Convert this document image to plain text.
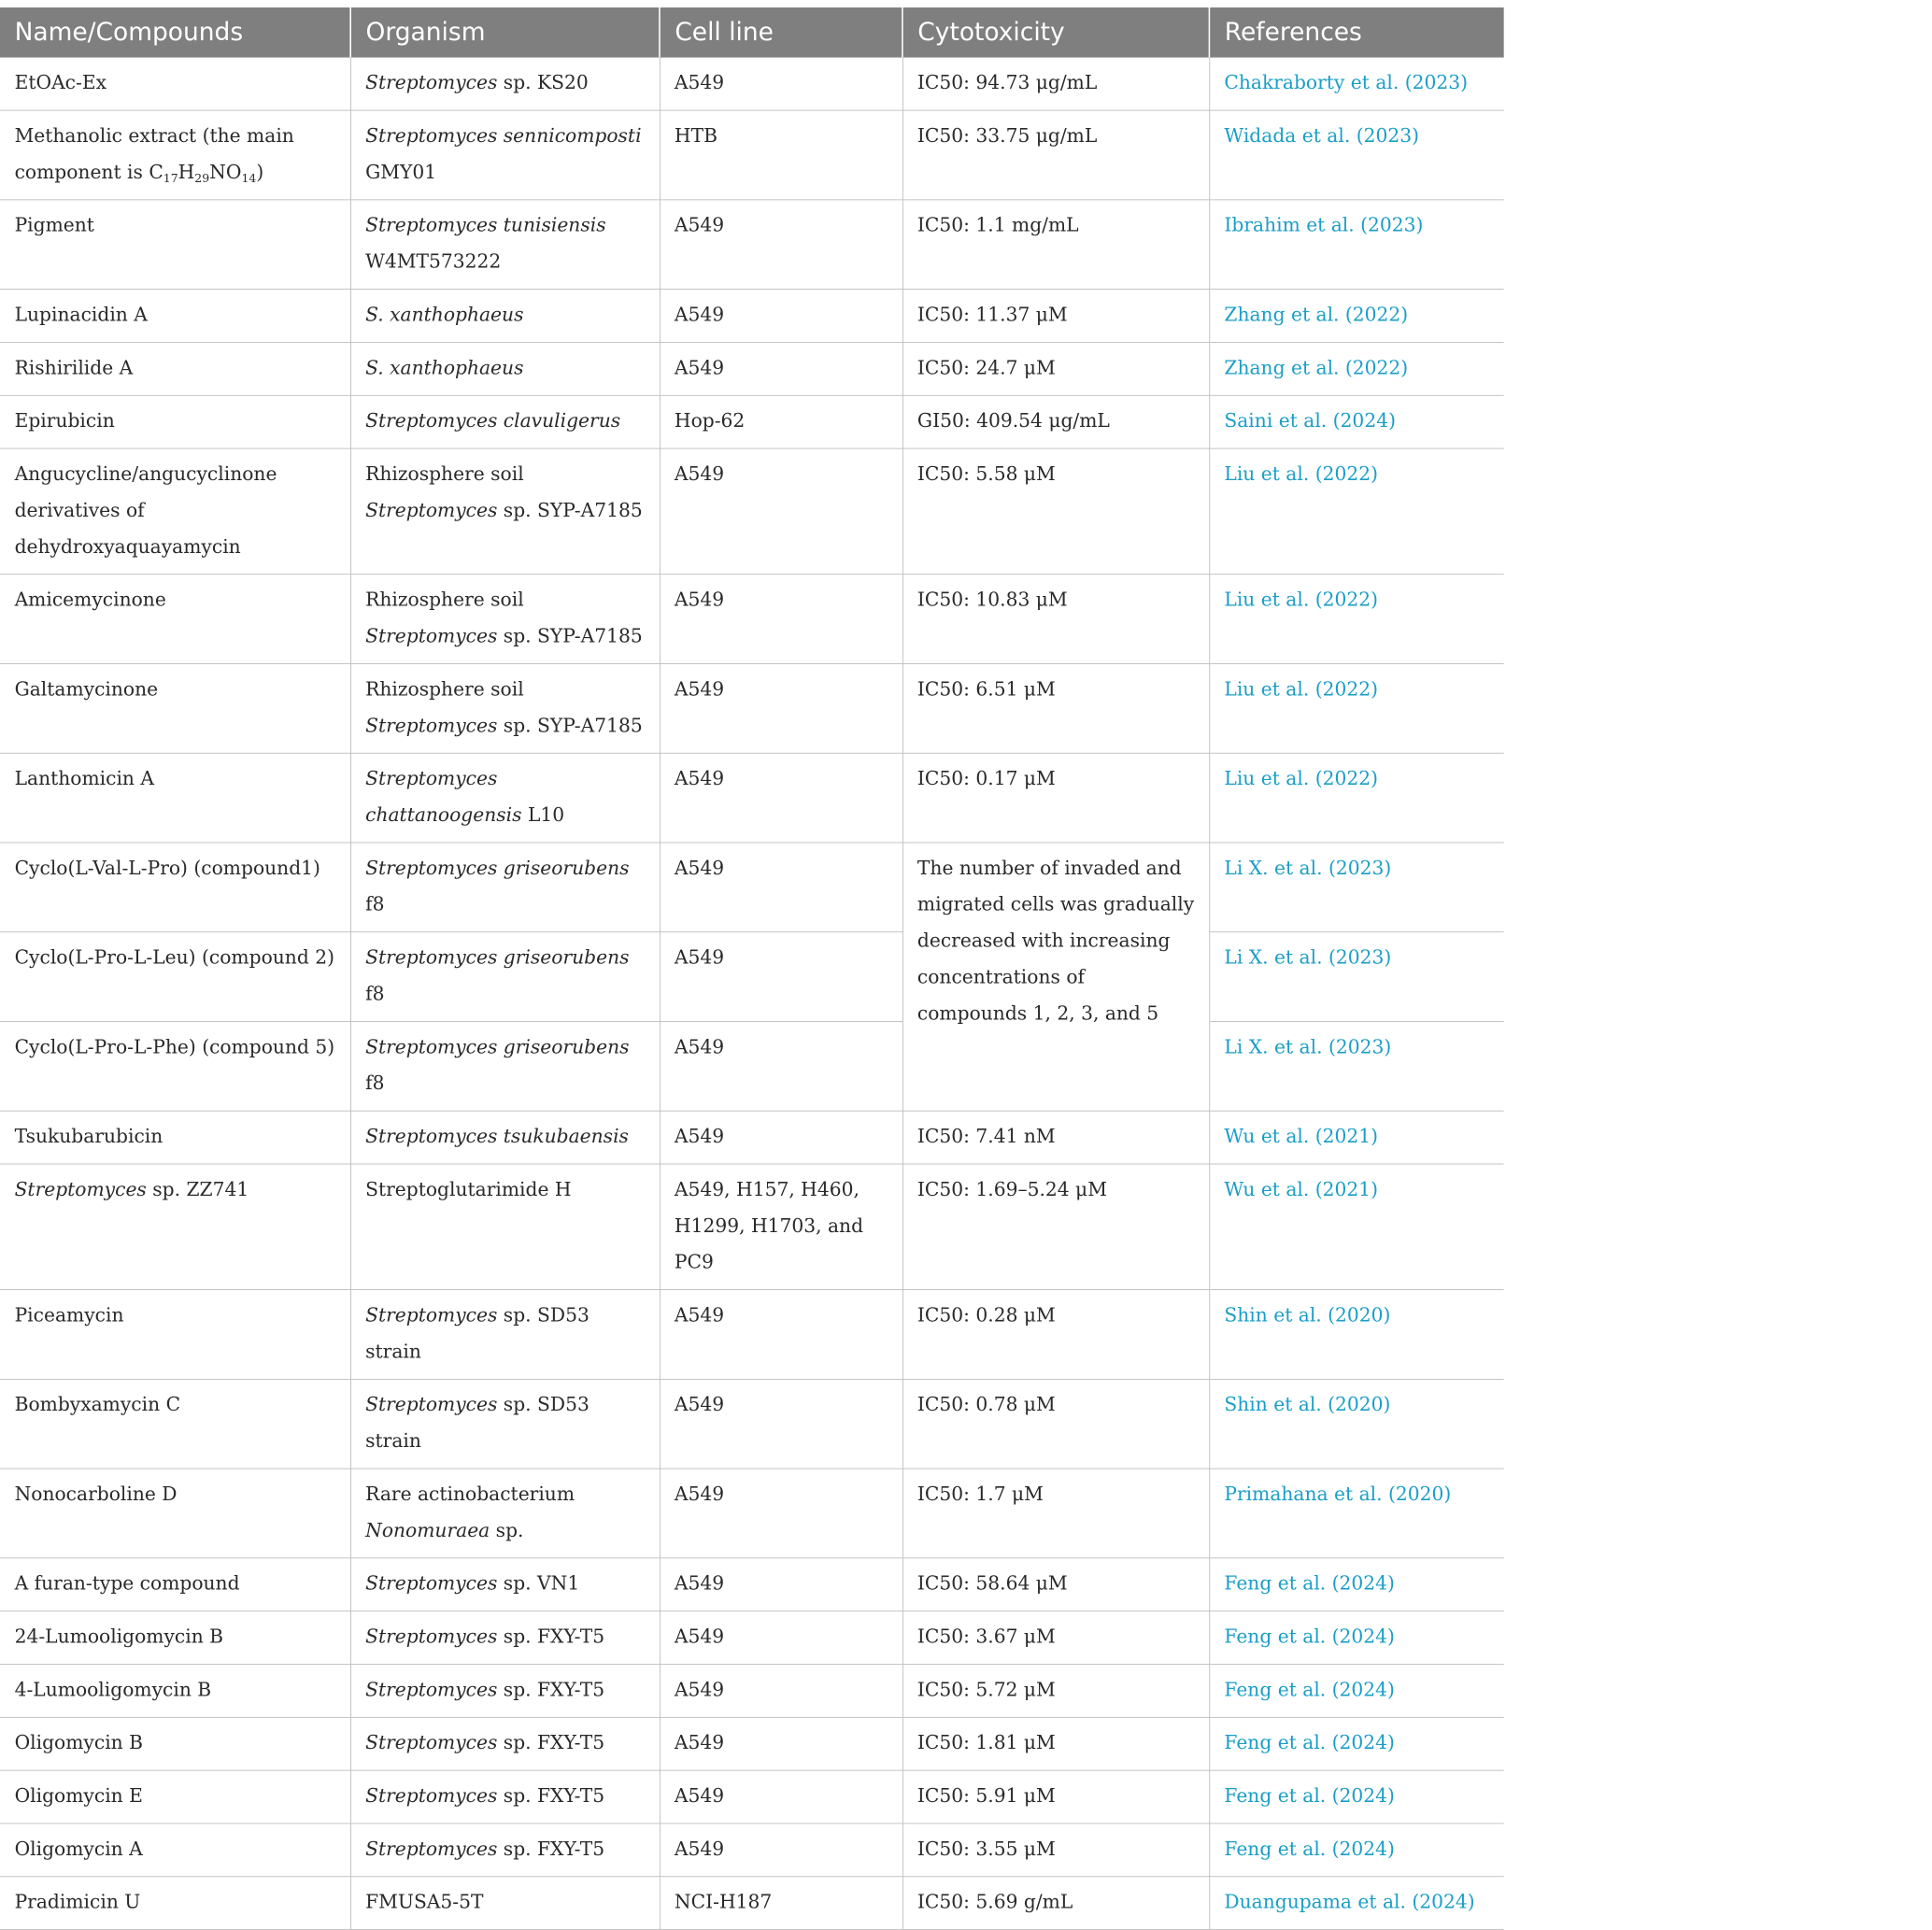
Name/Compounds	Organism	Cell line	Cytotoxicity	References
EtOAc-Ex	Streptomyces sp. KS20	A549	IC50: 94.73 μg/mL	Chakraborty et al. (2023)
Methanolic extract (the main component is $C_{17}H_{29}NO_{14}$)	Streptomyces sennicomposti GMY01	HTB	IC50: 33.75 μg/mL	Widada et al. (2023)
Pigment	Streptomyces tunisiensis W4MT573222	A549	IC50: 1.1 mg/mL	Ibrahim et al. (2023)
Lupinacidin A	S. xanthophaeus	A549	IC50: 11.37 μM	Zhang et al. (2022)
Rishirilide A	S. xanthophaeus	A549	IC50: 24.7 μM	Zhang et al. (2022)
Epirubicin	Streptomyces clavuligerus	Hop-62	GI50: 409.54 μg/mL	Saini et al. (2024)
Angucycline/angucyclinone derivatives of dehydroxyaquayamycin	Rhizosphere soil Streptomyces sp. SYP-A7185	A549	IC50: 5.58 μM	Liu et al. (2022)
Amicemycinone	Rhizosphere soil Streptomyces sp. SYP-A7185	A549	IC50: 10.83 μM	Liu et al. (2022)
Galtamycinone	Rhizosphere soil Streptomyces sp. SYP-A7185	A549	IC50: 6.51 μM	Liu et al. (2022)
Lanthomicin A	Streptomyces chattanoogensis L10	A549	IC50: 0.17 μM	Liu et al. (2022)
Cyclo(L-Val-L-Pro) (compound1)	Streptomyces griseorubens f8	A549	The number of invaded and migrated cells was gradually decreased with increasing concentrations of compounds 1, 2, 3, and 5	Li X. et al. (2023)
Cyclo(L-Pro-L-Leu) (compound 2)	Streptomyces griseorubens f8	A549		Li X. et al. (2023)
Cyclo(L-Pro-L-Phe) (compound 5)	Streptomyces griseorubens f8	A549		Li X. et al. (2023)
Tsukubarubicin	Streptomyces tsukubaensis	A549	IC50: 7.41 nM	Wu et al. (2021)
Streptomyces sp. ZZ741	Streptoglutarimide H	A549, H157, H460, H1299, H1703, and PC9	IC50: 1.69–5.24 μM	Wu et al. (2021)
Piceamycin	Streptomyces sp. SD53 strain	A549	IC50: 0.28 μM	Shin et al. (2020)
Bombyxamycin C	Streptomyces sp. SD53 strain	A549	IC50: 0.78 μM	Shin et al. (2020)
Nonocarboline D	Rare actinobacterium Nonomuraea sp.	A549	IC50: 1.7 μM	Primahana et al. (2020)
A furan-type compound	Streptomyces sp. VN1	A549	IC50: 58.64 μM	Feng et al. (2024)
24-Lumooligomycin B	Streptomyces sp. FXY-T5	A549	IC50: 3.67 μM	Feng et al. (2024)
4-Lumooligomycin B	Streptomyces sp. FXY-T5	A549	IC50: 5.72 μM	Feng et al. (2024)
Oligomycin B	Streptomyces sp. FXY-T5	A549	IC50: 1.81 μM	Feng et al. (2024)
Oligomycin E	Streptomyces sp. FXY-T5	A549	IC50: 5.91 μM	Feng et al. (2024)
Oligomycin A	Streptomyces sp. FXY-T5	A549	IC50: 3.55 μM	Feng et al. (2024)
Pradimicin U	FMUSA5-5T	NCI-H187	IC50: 5.69 g/mL	Duangupama et al. (2024)
